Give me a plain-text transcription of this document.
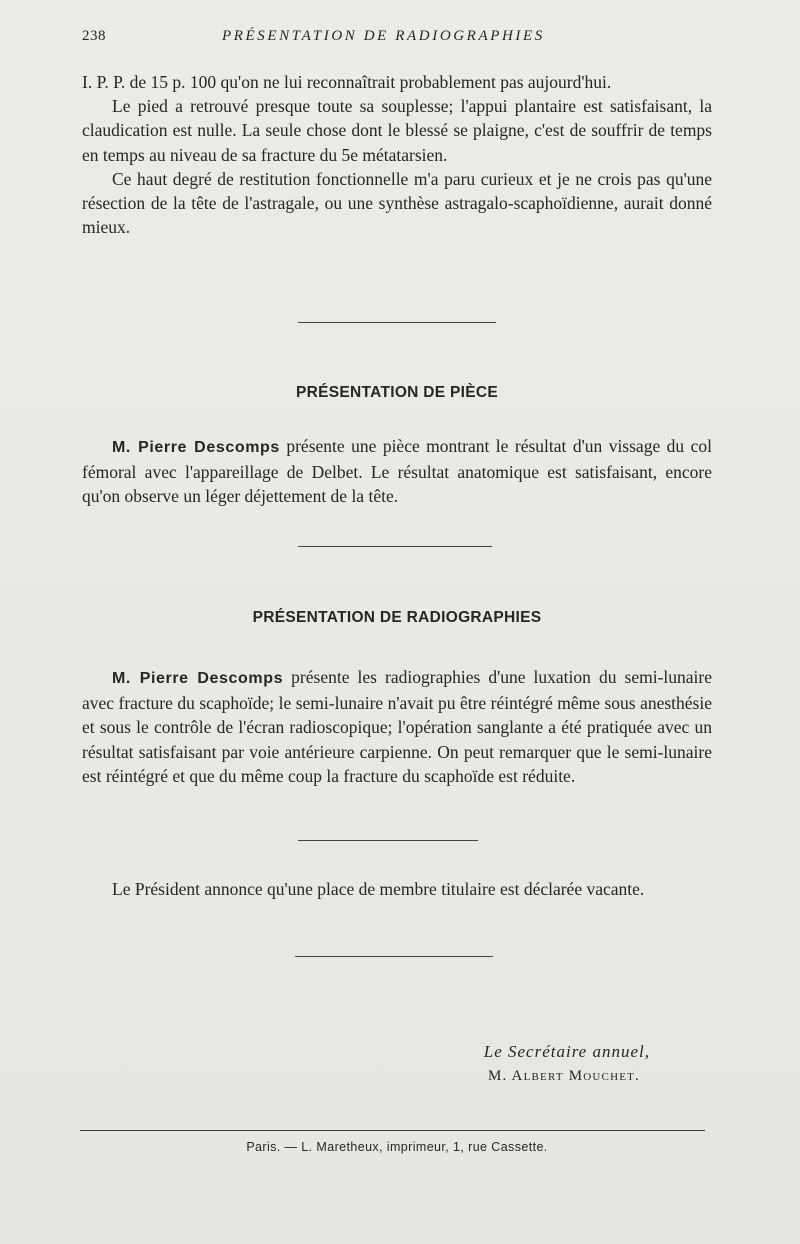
238	PRÉSENTATION DE RADIOGRAPHIES

I. P. P. de 15 p. 100 qu'on ne lui reconnaîtrait probablement pas aujourd'hui.

Le pied a retrouvé presque toute sa souplesse; l'appui plantaire est satisfaisant, la claudication est nulle. La seule chose dont le blessé se plaigne, c'est de souffrir de temps en temps au niveau de sa fracture du 5e métatarsien.

Ce haut degré de restitution fonctionnelle m'a paru curieux et je ne crois pas qu'une résection de la tête de l'astragale, ou une synthèse astragalo-scaphoïdienne, aurait donné mieux.

PRÉSENTATION DE PIÈCE

M. Pierre Descomps présente une pièce montrant le résultat d'un vissage du col fémoral avec l'appareillage de Delbet. Le résultat anatomique est satisfaisant, encore qu'on observe un léger déjettement de la tête.

PRÉSENTATION DE RADIOGRAPHIES

M. Pierre Descomps présente les radiographies d'une luxation du semi-lunaire avec fracture du scaphoïde; le semi-lunaire n'avait pu être réintégré même sous anesthésie et sous le contrôle de l'écran radioscopique; l'opération sanglante a été pratiquée avec un résultat satisfaisant par voie antérieure carpienne. On peut remarquer que le semi-lunaire est réintégré et que du même coup la fracture du scaphoïde est réduite.

Le Président annonce qu'une place de membre titulaire est déclarée vacante.

Le Secrétaire annuel,
M. Albert Mouchet.
Paris. — L. Maretheux, imprimeur, 1, rue Cassette.
